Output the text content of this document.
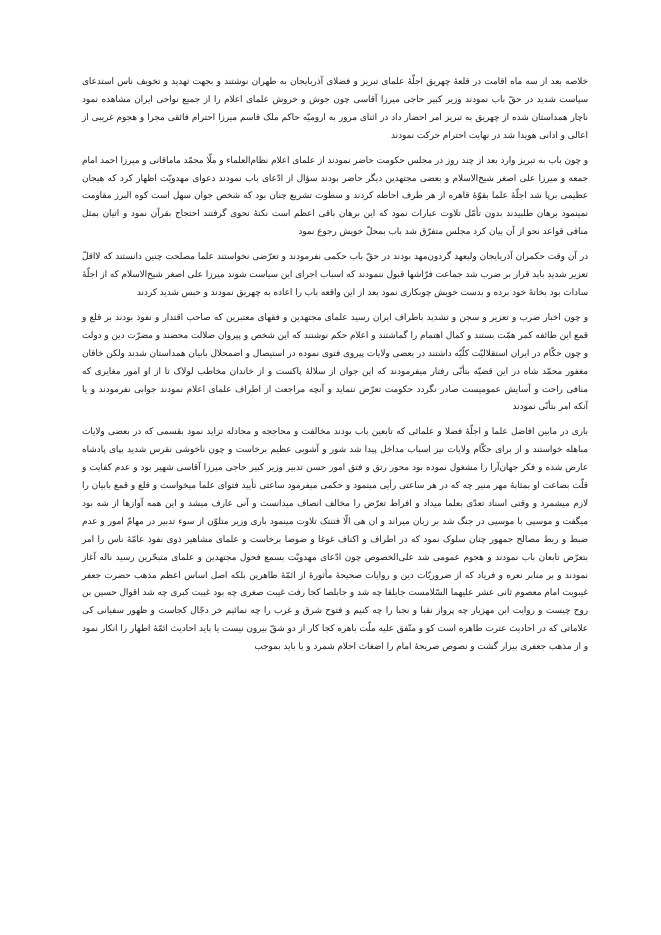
خلاصه بعد از سه ماه اقامت در قلعهٔ چهریق اجلّهٔ علمای تبریز و فضلای آذربایجان به طهران نوشتند و بجهت تهدید و تخویف ناس استدعای سیاست شدید در حقّ باب نمودند وزیر کبیر حاجی میرزا آقاسی چون جوش و خروش علمای اعلام را از جمیع نواحی ایران مشاهده نمود ناچار همداستان شده از چهریق به تبریز امر احضار داد در اثنای مرور به ارومیّه حاکم ملک قاسم میرزا احترام فائقی مجرا و هجوم غریبی از اعالی و ادانی هویدا شد در نهایت احترام حرکت نمودند

و چون باب به تبریز وارد بعد از چند روز در مجلس حکومت حاضر نمودند از علمای اعلام نظام‌العلماء و ملّا محمّد ماماقانی و میرزا احمد امام جمعه و میرزا علی اصغر شیخ‌الاسلام و بعضی مجتهدین دیگر حاضر بودند سؤال از ادّعای باب نمودند دعوای مهدویّت اظهار کرد که هیجان عظیمی برپا شد اجلّهٔ علما بقوّهٔ قاهره از هر طرف احاطه کردند و سطوت تشریع چنان بود که شخص جوان سهل است کوه البرز مقاومت نمینمود برهان طلبیدند بدون تأمّل تلاوت عبارات نمود که این برهان باقی اعظم است نکتهٔ نحوی گرفتند احتجاج بقرآن نمود و اتیان بمثل منافی قواعد نحو از آن بیان کرد مجلس متفرّق شد باب بمحلّ خویش رجوع نمود

در آن وقت حکمران آذربایجان ولیعهد گردون‌مهد بودند در حقّ باب حکمی نفرمودند و تعرّضی نخواستند علما مصلحت چنین دانستند که لااقلّ تعزیر شدید باید قرار بر ضرب شد جماعت فرّاشها قبول ننمودند که اسباب اجرای این سیاست شوند میرزا علی اصغر شیخ‌الاسلام که از اجلّهٔ سادات بود بخانهٔ خود برده و بدست خویش چوبکاری نمود بعد از این واقعه باب را اعاده به چهریق نمودند و حبس شدید کردند

و چون اخبار ضرب و تعزیر و سجن و تشدید باطراف ایران رسید علمای مجتهدین و فقهای معتبرین که صاحب اقتدار و نفوذ بودند بر قلع و قمع این طائفه کمر همّت بستند و کمال اهتمام را گماشتند و اعلام حکم نوشتند که این شخص و پیروان ضلالت محضند و مضرّت دین و دولت و چون حکّام در ایران استقلالیّت کلّیّه داشتند در بعضی ولایات پیروی فتوی نموده در استیصال و اضمحلال بابیان همداستان شدند ولکن خاقان مغفور محمّد شاه در این قضیّه بتأنّی رفتار میفرمودند که این جوان از سلالهٔ پاکست و از خاندان مخاطب لولاک تا از او امور مغایری که منافی راحت و آسایش عمومیست صادر نگردد حکومت تعرّض ننماید و آنچه مراجعت از اطراف علمای اعلام نمودند جوابی نفرمودند و یا آنکه امر بتأنّی نمودند

باری در ما‌بین افاضل علما و اجلّهٔ فضلا و علمائی که تابعین باب بودند مخالفت و محاججه و مجادله تزاید نمود بقسمی که در بعضی ولایات مباهله خواستند و از برای حکّام ولایات نیز اسباب مداخل پیدا شد شور و آشوبی عظیم برخاست و چون ناخوشی نقرس شدید بپای پادشاه عارض شده و فکر جهان‌آرا را مشغول نموده بود محور رتق و فتق امور حسن تدبیر وزیر کبیر حاجی میرزا آقاسی شهیر بود و عدم کفایت و قلّت بضاعت او بمثابهٔ مهر منیر چه که در هر ساعتی رأیی مینمود و حکمی میفرمود ساعتی تأیید فتوای علما میخواست و قلع و قمع بابیان را لازم میشمرد و وقتی اسناد تعدّی بعلما میداد و افراط تعرّض را مخالف انصاف میدانست و آنی عارف میشد و این همه آوازها از شه بود میگفت و موسیی با موسیی در جنگ شد بر زبان میراند و ان هی الّا فتنتک تلاوت مینمود باری وزیر متلوّن از سوء تدبیر در مهامّ امور و عدم ضبط و ربط مصالح جمهور چنان سلوک نمود که در اطراف و اکناف غوغا و ضوضا برخاست و علمای مشاهیر ذوی نفوذ عامّهٔ ناس را امر بتعرّض تابعان باب نمودند و هجوم عمومی شد علی‌الخصوص چون ادّعای مهدویّت بسمع فحول مجتهدین و علمای متبحّرین رسید ناله آغاز نمودند و بر منابر نعره و فریاد که از ضروریّات دین و روایات صحیحهٔ مأثورهٔ از ائمّهٔ طاهرین بلکه اصل اساس اعظم مذهب حضرت جعفر غیبوبت امام معصوم ثانی عشر علیهما السّلامست جابلقا چه شد و جابلصا کجا رفت غیبت صغری چه بود غیبت کبری چه شد اقوال حسین بن روح چیست و روایت ابن مهزیار چه پرواز نقبا و نجبا را چه کنیم و فتوح شرق و غرب را چه نمائیم خر دجّال کجاست و ظهور سفیانی کی علاماتی که در احادیث عترت طاهره است کو و متّفق علیه ملّت باهره کجا کار از دو شقّ بیرون نیست یا باید احادیث ائمّهٔ اطهار را انکار نمود و از مذهب جعفری بیزار گشت و نصوص صریحهٔ امام را اضغاث احلام شمرد و یا باید بموجب
